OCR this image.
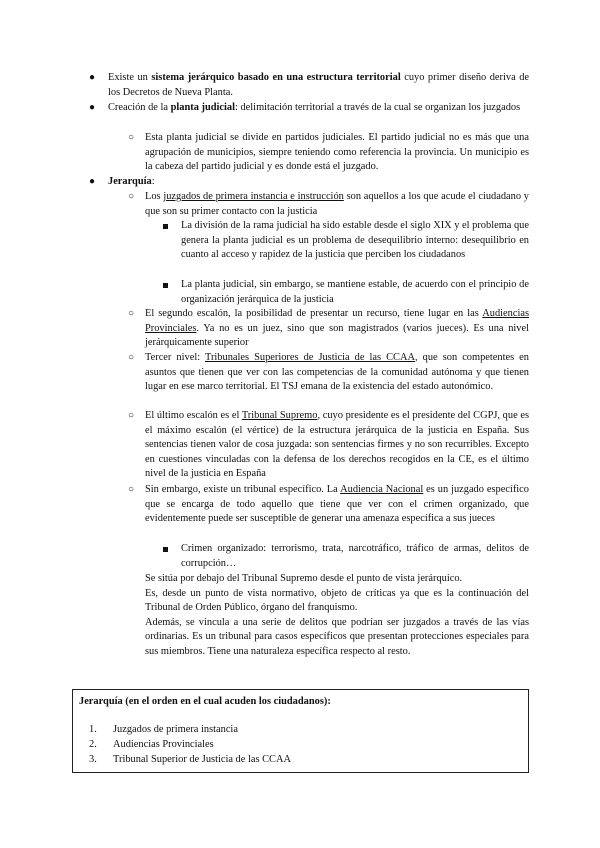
● Existe un sistema jerárquico basado en una estructura territorial cuyo primer diseño deriva de los Decretos de Nueva Planta.

● Creación de la planta judicial: delimitación territorial a través de la cual se organizan los juzgados

○ Esta planta judicial se divide en partidos judiciales. El partido judicial no es más que una agrupación de municipios, siempre teniendo como referencia la provincia. Un municipio es la cabeza del partido judicial y es donde está el juzgado.

● Jerarquía:

○ Los juzgados de primera instancia e instrucción son aquellos a los que acude el ciudadano y que son su primer contacto con la justicia

La división de la rama judicial ha sido estable desde el siglo XIX y el problema que genera la planta judicial es un problema de desequilibrio interno: desequilibrio en cuanto al acceso y rapidez de la justicia que perciben los ciudadanos

La planta judicial, sin embargo, se mantiene estable, de acuerdo con el principio de organización jerárquica de la justicia

○ El segundo escalón, la posibilidad de presentar un recurso, tiene lugar en las Audiencias Provinciales. Ya no es un juez, sino que son magistrados (varios jueces). Es una nivel jerárquicamente superior

○ Tercer nivel: Tribunales Superiores de Justicia de las CCAA, que son competentes en asuntos que tienen que ver con las competencias de la comunidad autónoma y que tienen lugar en ese marco territorial. El TSJ emana de la existencia del estado autonómico.

○ El último escalón es el Tribunal Supremo, cuyo presidente es el presidente del CGPJ, que es el máximo escalón (el vértice) de la estructura jerárquica de la justicia en España. Sus sentencias tienen valor de cosa juzgada: son sentencias firmes y no son recurribles. Excepto en cuestiones vinculadas con la defensa de los derechos recogidos en la CE, es el último nivel de la justicia en España

○ Sin embargo, existe un tribunal específico. La Audiencia Nacional es un juzgado específico que se encarga de todo aquello que tiene que ver con el crimen organizado, que evidentemente puede ser susceptible de generar una amenaza específica a sus jueces

Crimen organizado: terrorismo, trata, narcotráfico, tráfico de armas, delitos de corrupción…

Se sitúa por debajo del Tribunal Supremo desde el punto de vista jerárquico.

Es, desde un punto de vista normativo, objeto de críticas ya que es la continuación del Tribunal de Orden Público, órgano del franquismo.

Además, se vincula a una serie de delitos que podrían ser juzgados a través de las vías ordinarias. Es un tribunal para casos específicos que presentan protecciones especiales para sus miembros. Tiene una naturaleza específica respecto al resto.

Jerarquía (en el orden en el cual acuden los ciudadanos):
1. Juzgados de primera instancia
2. Audiencias Provinciales
3. Tribunal Superior de Justicia de las CCAA
